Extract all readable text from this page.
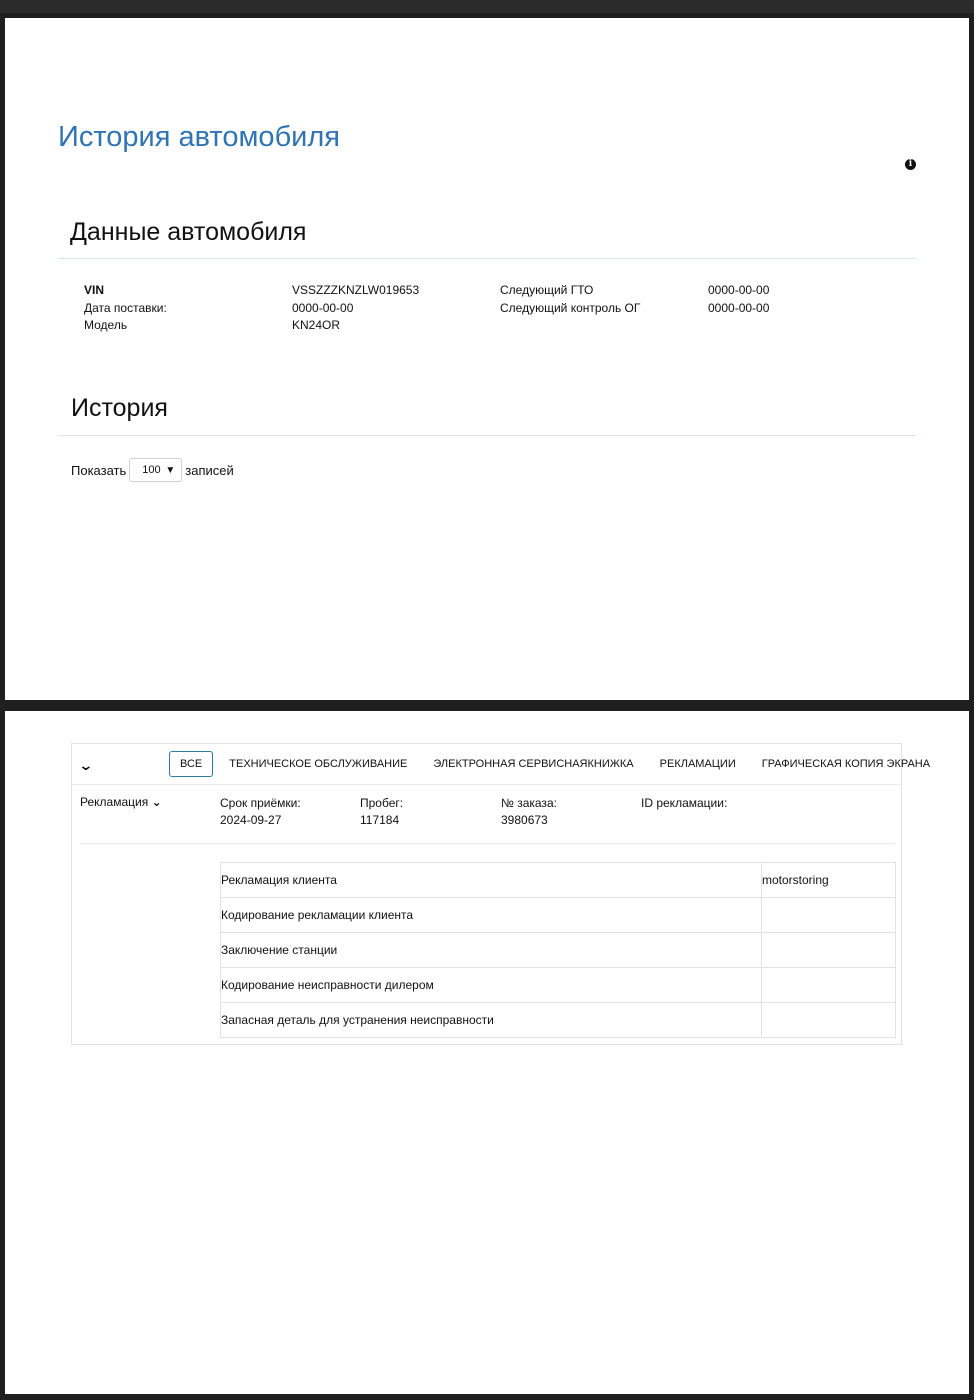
История автомобиля
i
Данные автомобиля
VIN	VSSZZZKNZLW019653	Следующий ГТО	0000-00-00
Дата поставки:	0000-00-00	Следующий контроль ОГ	0000-00-00
Модель	KN24OR
История
Показать 100 ▼ записей
⌄	ВСЕ	ТЕХНИЧЕСКОЕ ОБСЛУЖИВАНИЕ	ЭЛЕКТРОННАЯ СЕРВИСНАЯКНИЖКА	РЕКЛАМАЦИИ	ГРАФИЧЕСКАЯ КОПИЯ ЭКРАНА
Рекламация ⌄	Срок приёмки:
2024-09-27
Пробег:
117184
№ заказа:
3980673
ID рекламации:
Рекламация клиента	motorstoring
Кодирование рекламации клиента	
Заключение станции	
Кодирование неисправности дилером	
Запасная деталь для устранения неисправности	
